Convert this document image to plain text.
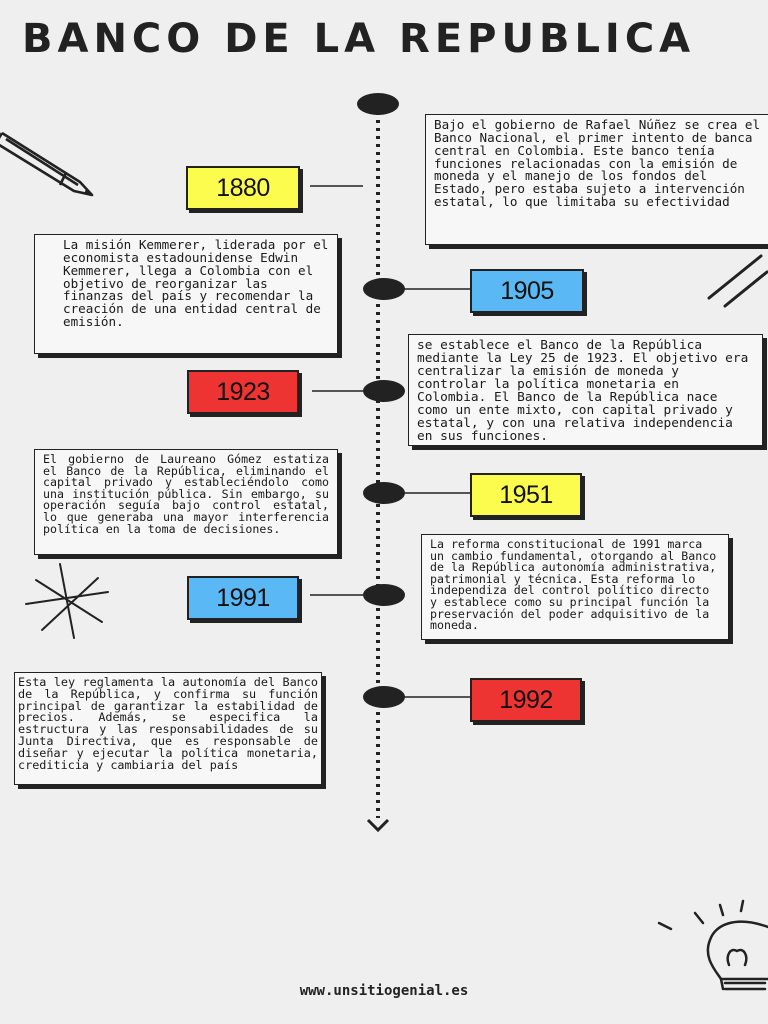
BANCO DE LA REPUBLICA
1880
1905
1923
1951
1991
1992
Bajo el gobierno de Rafael Núñez se crea el Banco Nacional, el primer intento de banca central en Colombia. Este banco tenía funciones relacionadas con la emisión de moneda y el manejo de los fondos del Estado, pero estaba sujeto a intervención estatal, lo que limitaba su efectividad
La misión Kemmerer, liderada por el economista estadounidense Edwin Kemmerer, llega a Colombia con el objetivo de reorganizar las finanzas del país y recomendar la creación de una entidad central de emisión.
se establece el Banco de la República mediante la Ley 25 de 1923. El objetivo era centralizar la emisión de moneda y controlar la política monetaria en Colombia. El Banco de la República nace como un ente mixto, con capital privado y estatal, y con una relativa independencia en sus funciones.
El gobierno de Laureano Gómez estatiza el Banco de la República, eliminando el capital privado y estableciéndolo como una institución pública. Sin embargo, su operación seguía bajo control estatal, lo que generaba una mayor interferencia política en la toma de decisiones.
La reforma constitucional de 1991 marca un cambio fundamental, otorgando al Banco de la República autonomía administrativa, patrimonial y técnica. Esta reforma lo independiza del control político directo y establece como su principal función la preservación del poder adquisitivo de la moneda.
Esta ley reglamenta la autonomía del Banco de la República, y confirma su función principal de garantizar la estabilidad de precios. Además, se especifica la estructura y las responsabilidades de su Junta Directiva, que es responsable de diseñar y ejecutar la política monetaria, crediticia y cambiaria del país
www.unsitiogenial.es
